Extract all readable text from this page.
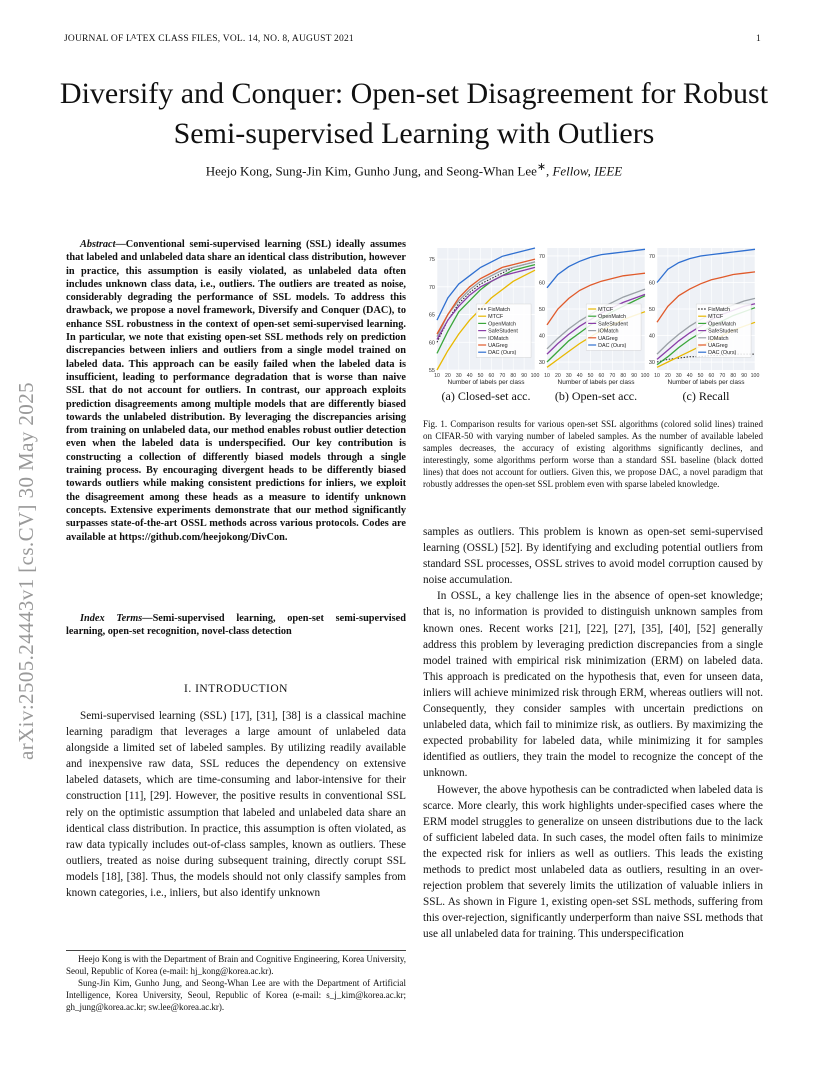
JOURNAL OF $L^ATEX$ CLASS FILES, VOL. 14, NO. 8, AUGUST 2021	1
Diversify and Conquer: Open-set Disagreement for Robust Semi-supervised Learning with Outliers
Heejo Kong, Sung-Jin Kim, Gunho Jung, and Seong-Whan Lee∗, Fellow, IEEE
arXiv:2505.24443v1 [cs.CV] 30 May 2025

Abstract—Conventional semi-supervised learning (SSL) ideally assumes that labeled and unlabeled data share an identical class distribution, however in practice, this assumption is easily violated, as unlabeled data often includes unknown class data, i.e., outliers. The outliers are treated as noise, considerably degrading the performance of SSL models. To address this drawback, we propose a novel framework, Diversify and Conquer (DAC), to enhance SSL robustness in the context of open-set semi-supervised learning. In particular, we note that existing open-set SSL methods rely on prediction discrepancies between inliers and outliers from a single model trained on labeled data. This approach can be easily failed when the labeled data is insufficient, leading to performance degradation that is worse than naive SSL that do not account for outliers. In contrast, our approach exploits prediction disagreements among multiple models that are differently biased towards the unlabeled distribution. By leveraging the discrepancies arising from training on unlabeled data, our method enables robust outlier detection even when the labeled data is underspecified. Our key contribution is constructing a collection of differently biased models through a single training process. By encouraging divergent heads to be differently biased towards outliers while making consistent predictions for inliers, we exploit the disagreement among these heads as a measure to identify unknown concepts. Extensive experiments demonstrate that our method significantly surpasses state-of-the-art OSSL methods across various protocols. Codes are available at https://github.com/heejokong/DivCon.

Index Terms—Semi-supervised learning, open-set semi-supervised learning, open-set recognition, novel-class detection
I. INTRODUCTION

Semi-supervised learning (SSL) [17], [31], [38] is a classical machine learning paradigm that leverages a large amount of unlabeled data alongside a limited set of labeled samples. By utilizing readily available and inexpensive raw data, SSL reduces the dependency on extensive labeled datasets, which are time-consuming and labor-intensive for their construction [11], [29]. However, the positive results in conventional SSL rely on the optimistic assumption that labeled and unlabeled data share an identical class distribution. In practice, this assumption is often violated, as raw data typically includes out-of-class samples, known as outliers. These outliers, treated as noise during subsequent training, directly corupt SSL models [18], [38]. Thus, the models should not only classify samples from known categories, i.e., inliers, but also identify unknown

Heejo Kong is with the Department of Brain and Cognitive Engineering, Korea University, Seoul, Republic of Korea (e-mail: hj_kong@korea.ac.kr).

Sung-Jin Kim, Gunho Jung, and Seong-Whan Lee are with the Department of Artificial Intelligence, Korea University, Seoul, Republic of Korea (e-mail: s_j_kim@korea.ac.kr; gh_jung@korea.ac.kr; sw.lee@korea.ac.kr).

55
60
65
70
75
10 20 30 40 50 60 70 80 90 100
Number of labels per class
FixMatch
MTCF
OpenMatch
SafeStudent
IOMatch
UAGreg
DAC (Ours)
(a) Closed-set acc.
30
40
50
60
70
10 20 30 40 50 60 70 80 90 100
Number of labels per class
MTCF
OpenMatch
SafeStudent
IOMatch
UAGreg
DAC (Ours)
(b) Open-set acc.
30
40
50
60
70
10 20 30 40 50 60 70 80 90 100
Number of labels per class
FixMatch
MTCF
OpenMatch
SafeStudent
IOMatch
UAGreg
DAC (Ours)
(c) Recall
Fig. 1. Comparison results for various open-set SSL algorithms (colored solid lines) trained on CIFAR-50 with varying number of labeled samples. As the number of available labeled samples decreases, the accuracy of existing algorithms significantly declines, and interestingly, some algorithms perform worse than a standard SSL baseline (black dotted lines) that does not account for outliers. Given this, we propose DAC, a novel paradigm that robustly addresses the open-set SSL problem even with sparse labeled knowledge.

samples as outliers. This problem is known as open-set semi-supervised learning (OSSL) [52]. By identifying and excluding potential outliers from standard SSL processes, OSSL strives to avoid model corruption caused by noise accumulation.

In OSSL, a key challenge lies in the absence of open-set knowledge; that is, no information is provided to distinguish unknown samples from known ones. Recent works [21], [22], [27], [35], [40], [52] generally address this problem by leveraging prediction discrepancies from a single model trained with empirical risk minimization (ERM) on labeled data. This approach is predicated on the hypothesis that, even for unseen data, inliers will achieve minimized risk through ERM, whereas outliers will not. Consequently, they consider samples with uncertain predictions on unlabeled data, which fail to minimize risk, as outliers. By maximizing the expected probability for labeled data, while minimizing it for samples identified as outliers, they train the model to recognize the concept of the unknown.

However, the above hypothesis can be contradicted when labeled data is scarce. More clearly, this work highlights under-specified cases where the ERM model struggles to generalize on unseen distributions due to the lack of sufficient labeled data. In such cases, the model often fails to minimize the expected risk for inliers as well as outliers. This leads the existing methods to predict most unlabeled data as outliers, resulting in an over-rejection problem that severely limits the utilization of valuable inliers in SSL. As shown in Figure 1, existing open-set SSL methods, suffering from this over-rejection, significantly underperform than naive SSL methods that use all unlabeled data for training. This underspecification
